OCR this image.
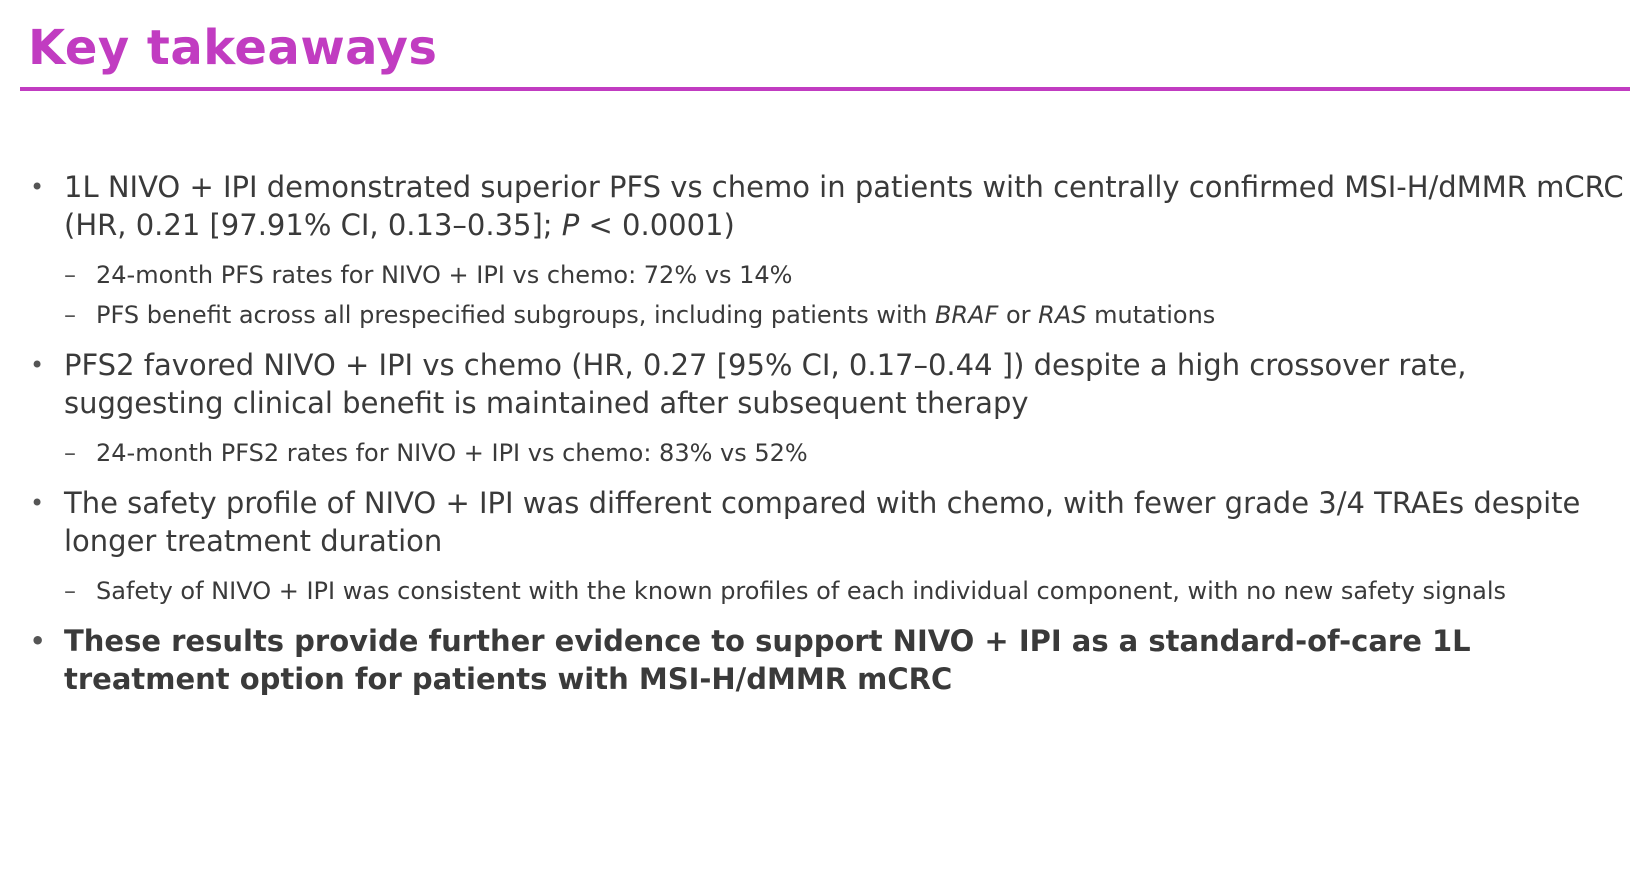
Key takeaways
• 1L NIVO + IPI demonstrated superior PFS vs chemo in patients with centrally confirmed MSI-H/dMMR mCRC (HR, 0.21 [97.91% CI, 0.13–0.35]; P < 0.0001)
– 24-month PFS rates for NIVO + IPI vs chemo: 72% vs 14%
– PFS benefit across all prespecified subgroups, including patients with BRAF or RAS mutations
• PFS2 favored NIVO + IPI vs chemo (HR, 0.27 [95% CI, 0.17–0.44 ]) despite a high crossover rate, suggesting clinical benefit is maintained after subsequent therapy
– 24-month PFS2 rates for NIVO + IPI vs chemo: 83% vs 52%
• The safety profile of NIVO + IPI was different compared with chemo, with fewer grade 3/4 TRAEs despite longer treatment duration
– Safety of NIVO + IPI was consistent with the known profiles of each individual component, with no new safety signals
• These results provide further evidence to support NIVO + IPI as a standard-of-care 1L treatment option for patients with MSI-H/dMMR mCRC
